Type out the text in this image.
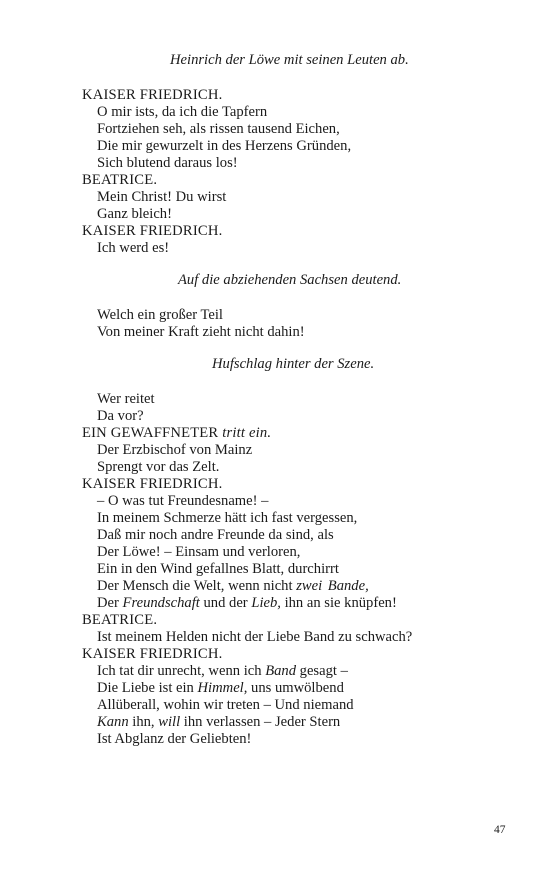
Heinrich der Löwe mit seinen Leuten ab.
KAISER FRIEDRICH.
O mir ists, da ich die Tapfern
Fortziehen seh, als rissen tausend Eichen,
Die mir gewurzelt in des Herzens Gründen,
Sich blutend daraus los!
BEATRICE.
Mein Christ! Du wirst
Ganz bleich!
KAISER FRIEDRICH.
Ich werd es!
Auf die abziehenden Sachsen deutend.
Welch ein großer Teil
Von meiner Kraft zieht nicht dahin!
Hufschlag hinter der Szene.
Wer reitet
Da vor?
EIN GEWAFFNETER tritt ein.
Der Erzbischof von Mainz
Sprengt vor das Zelt.
KAISER FRIEDRICH.
– O was tut Freundesname! –
In meinem Schmerze hätt ich fast vergessen,
Daß mir noch andre Freunde da sind, als
Der Löwe! – Einsam und verloren,
Ein in den Wind gefallnes Blatt, durchirrt
Der Mensch die Welt, wenn nicht zwei Bande,
Der Freundschaft und der Lieb, ihn an sie knüpfen!
BEATRICE.
Ist meinem Helden nicht der Liebe Band zu schwach?
KAISER FRIEDRICH.
Ich tat dir unrecht, wenn ich Band gesagt –
Die Liebe ist ein Himmel, uns umwölbend
Allüberall, wohin wir treten – Und niemand
Kann ihn, will ihn verlassen – Jeder Stern
Ist Abglanz der Geliebten!
47
